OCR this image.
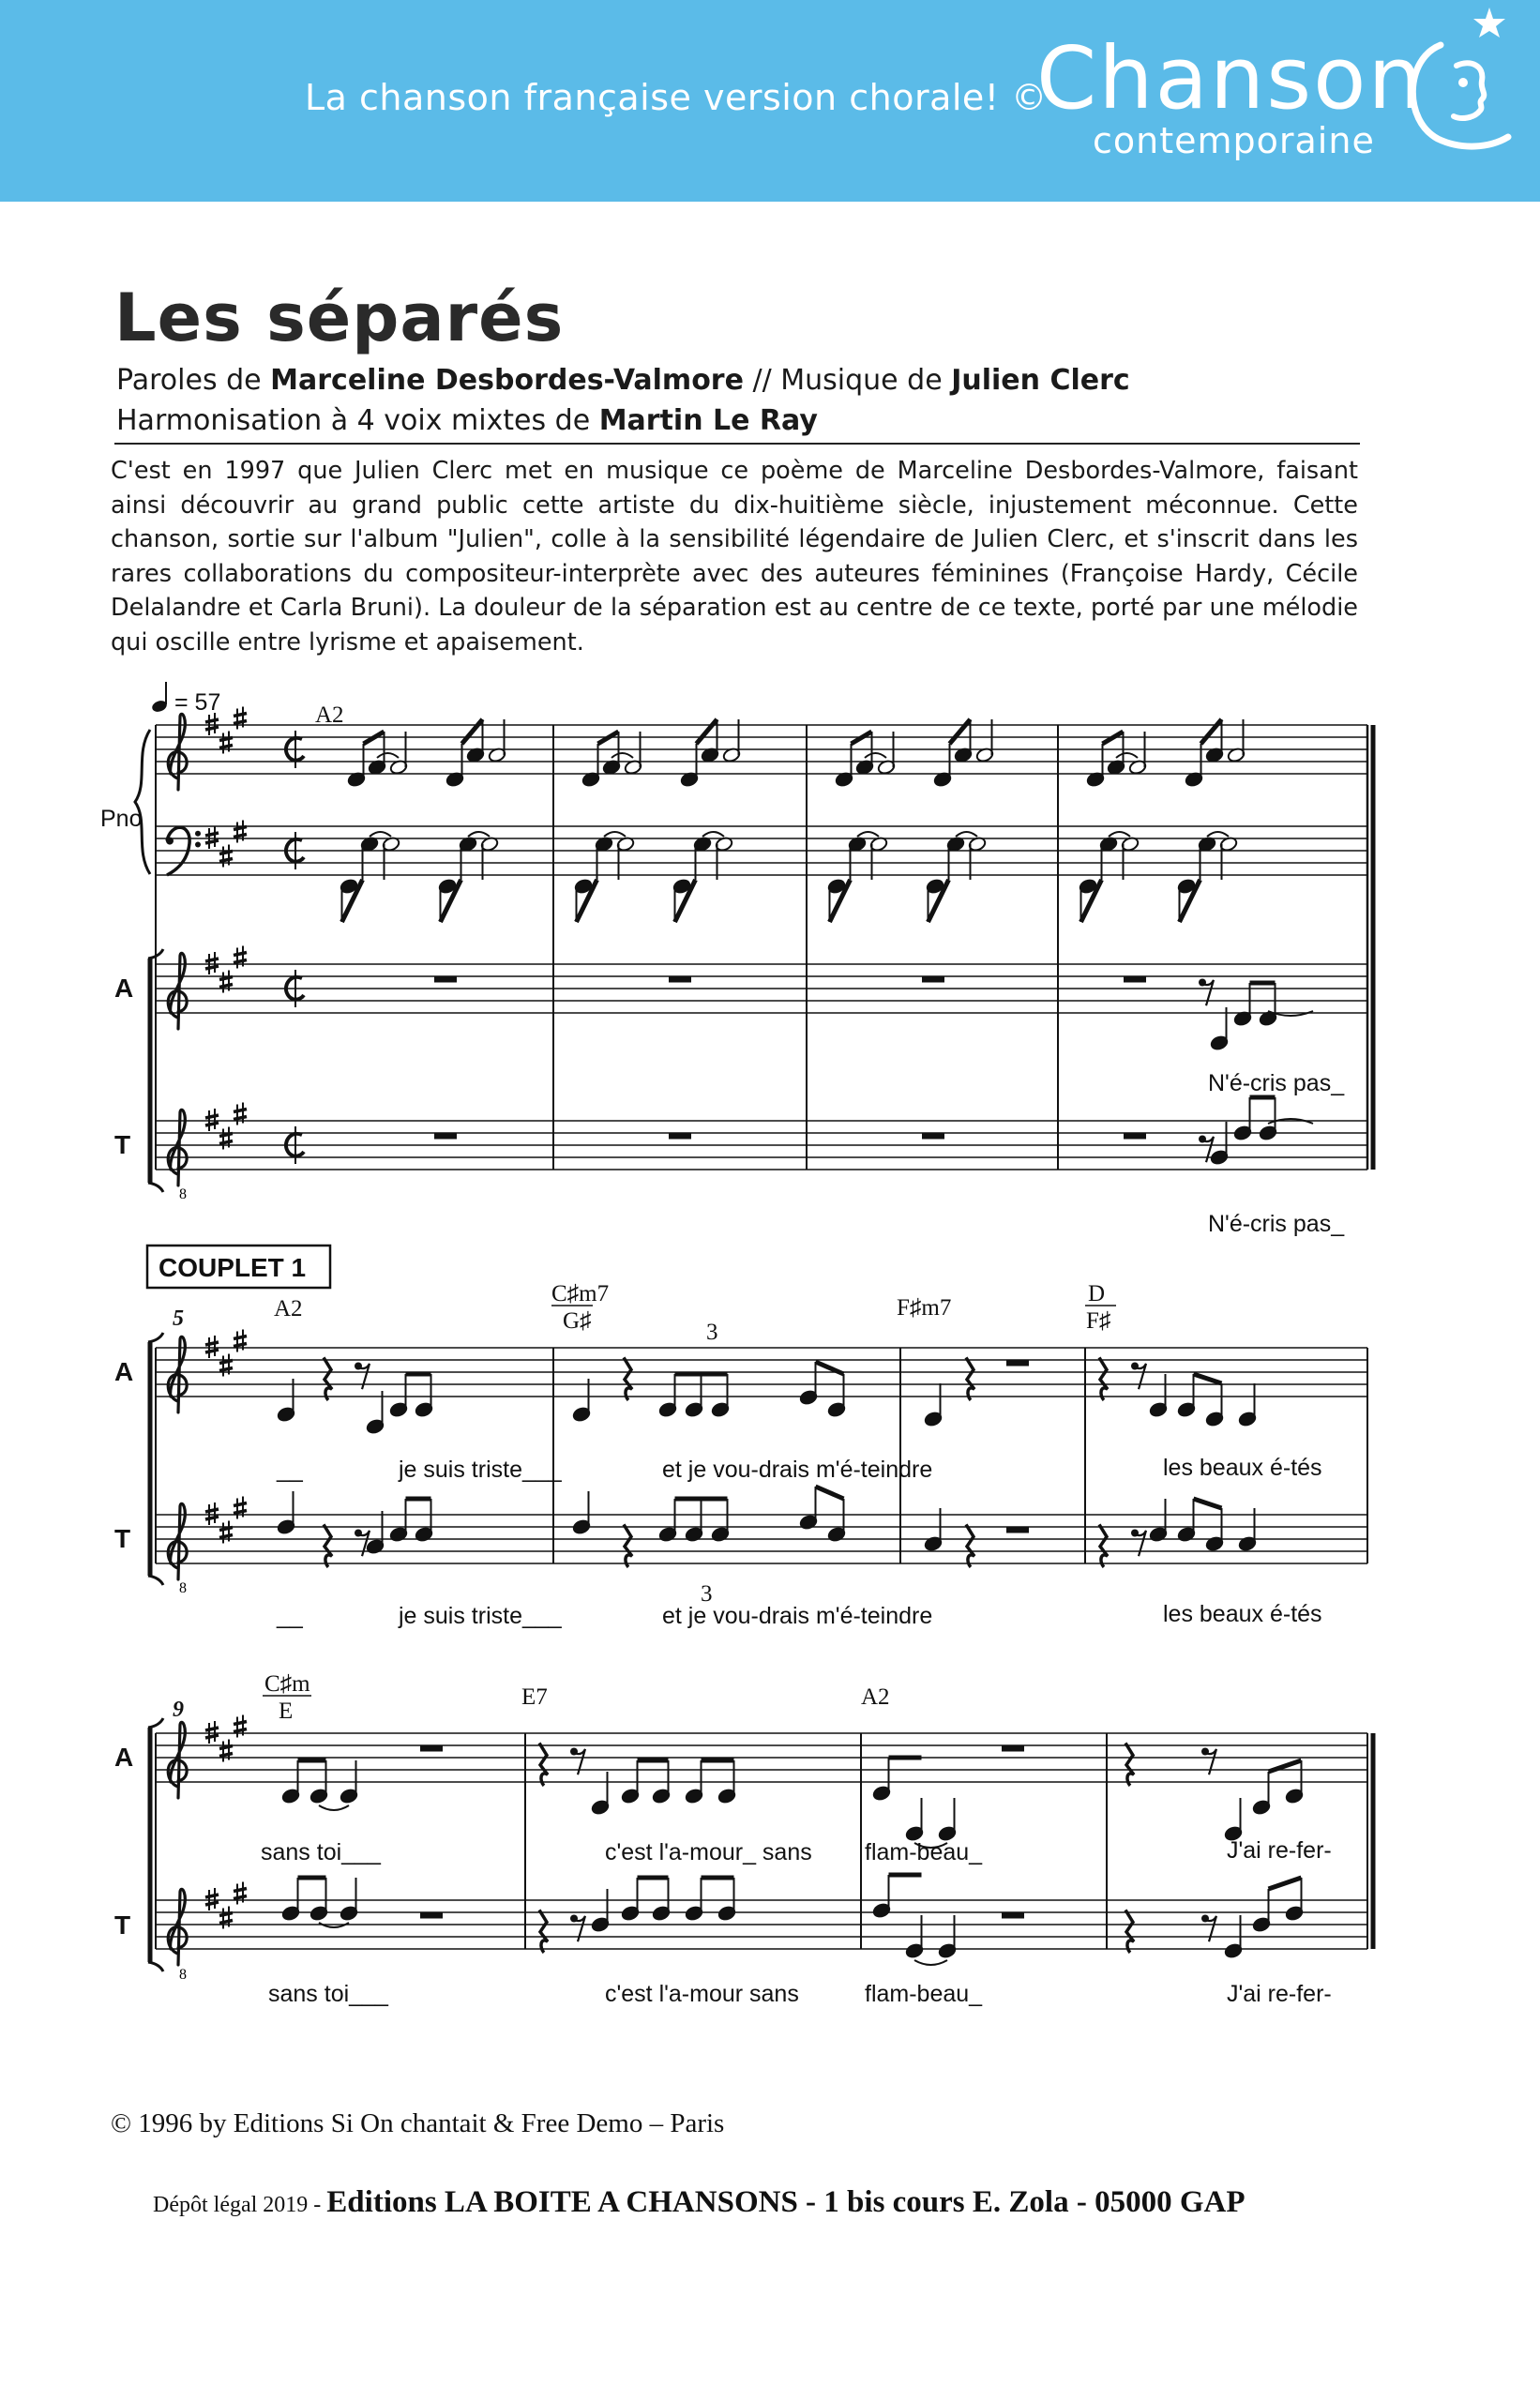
La chanson française version chorale! ©
Chanson
contemporaine
Les séparés
Paroles de Marceline Desbordes-Valmore // Musique de Julien Clerc
Harmonisation à 4 voix mixtes de Martin Le Ray
C'est en 1997 que Julien Clerc met en musique ce poème de Marceline Desbordes-Valmore, faisant ainsi découvrir au grand public cette artiste du dix-huitième siècle, injustement méconnue. Cette chanson, sortie sur l'album "Julien", colle à la sensibilité légendaire de Julien Clerc, et s'inscrit dans les rares collaborations du compositeur-interprète avec des auteures féminines (Françoise Hardy, Cécile Delalandre et Carla Bruni). La douleur de la séparation est au centre de ce texte, porté par une mélodie qui oscille entre lyrisme et apaisement.
8
8
8
= 57
Pno
A
T
A
T
A
T
A2
N'é-cris pas_
N'é-cris pas_
COUPLET 1
5	A2
C♯m7
G♯
F♯m7
D
F♯
3
3
__	je suis triste___	et je vou-drais m'é-teindre	les beaux é-tés
__	je suis triste___	et je vou-drais m'é-teindre	les beaux é-tés
9
C♯m
E
E7	A2
sans toi___	c'est l'a-mour_ sans flam-beau_	J'ai re-fer-
sans toi___	c'est l'a-mour sans	flam-beau_	J'ai re-fer-
© 1996 by Editions Si On chantait & Free Demo – Paris
Dépôt légal 2019 - Editions LA BOITE A CHANSONS - 1 bis cours E. Zola - 05000 GAP
